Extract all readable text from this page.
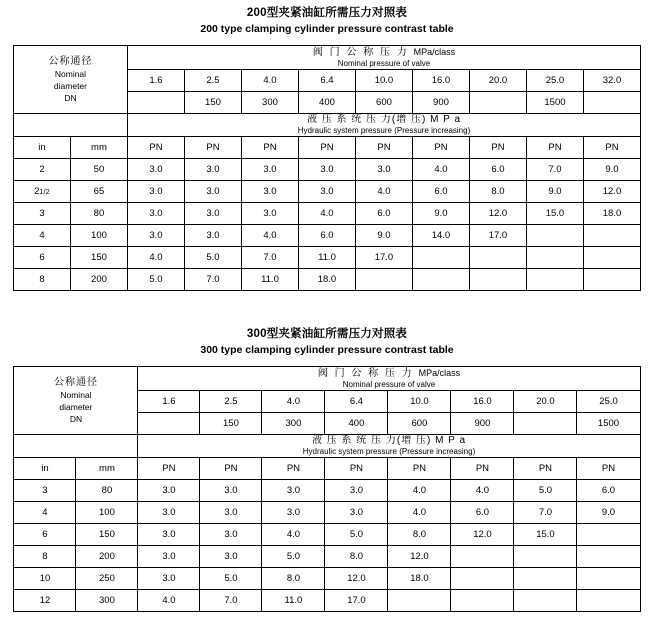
200型夹紧油缸所需压力对照表
200 type clamping cylinder pressure contrast table
公称通径
Nominal
diameter
DN

阀 门 公 称 压 力 MPa/class
Nominal pressure of valve

		1.6	2.5	4.0	6.4	10.0	16.0	20.0	25.0	32.0
			150	300	400	600	900		1500	

		液 压 系 统 压 力(增 压) M P a
Hydraulic system pressure (Pressure increasing)								

in	mm	PN	PN	PN	PN	PN	PN	PN	PN	PN
2	50	3.0	3.0	3.0	3.0	3.0	4.0	6.0	7.0	9.0
21/2	65	3.0	3.0	3.0	3.0	4.0	6.0	8.0	9.0	12.0
3	80	3.0	3.0	3.0	4.0	6.0	9.0	12.0	15.0	18.0
4	100	3.0	3.0	4.0	6.0	9.0	14.0	17.0		
6	150	4.0	5.0	7.0	11.0	17.0				
8	200	5.0	7.0	11.0	18.0					
300型夹紧油缸所需压力对照表
300 type clamping cylinder pressure contrast table
公称通径
Nominal
diameter
DN

阀 门 公 称 压 力 MPa/class
Nominal pressure of valve

		1.6	2.5	4.0	6.4	10.0	16.0	20.0	25.0
			150	300	400	600	900		1500

		液 压 系 统 压 力(增 压) M P a
Hydraulic system pressure (Pressure increasing)							

in	mm	PN	PN	PN	PN	PN	PN	PN	PN
3	80	3.0	3.0	3.0	3.0	4.0	4.0	5.0	6.0
4	100	3.0	3.0	3.0	3.0	4.0	6.0	7.0	9.0
6	150	3.0	3.0	4.0	5.0	8.0	12.0	15.0	
8	200	3.0	3.0	5.0	8.0	12.0			
10	250	3.0	5.0	8.0	12.0	18.0			
12	300	4.0	7.0	11.0	17.0				
